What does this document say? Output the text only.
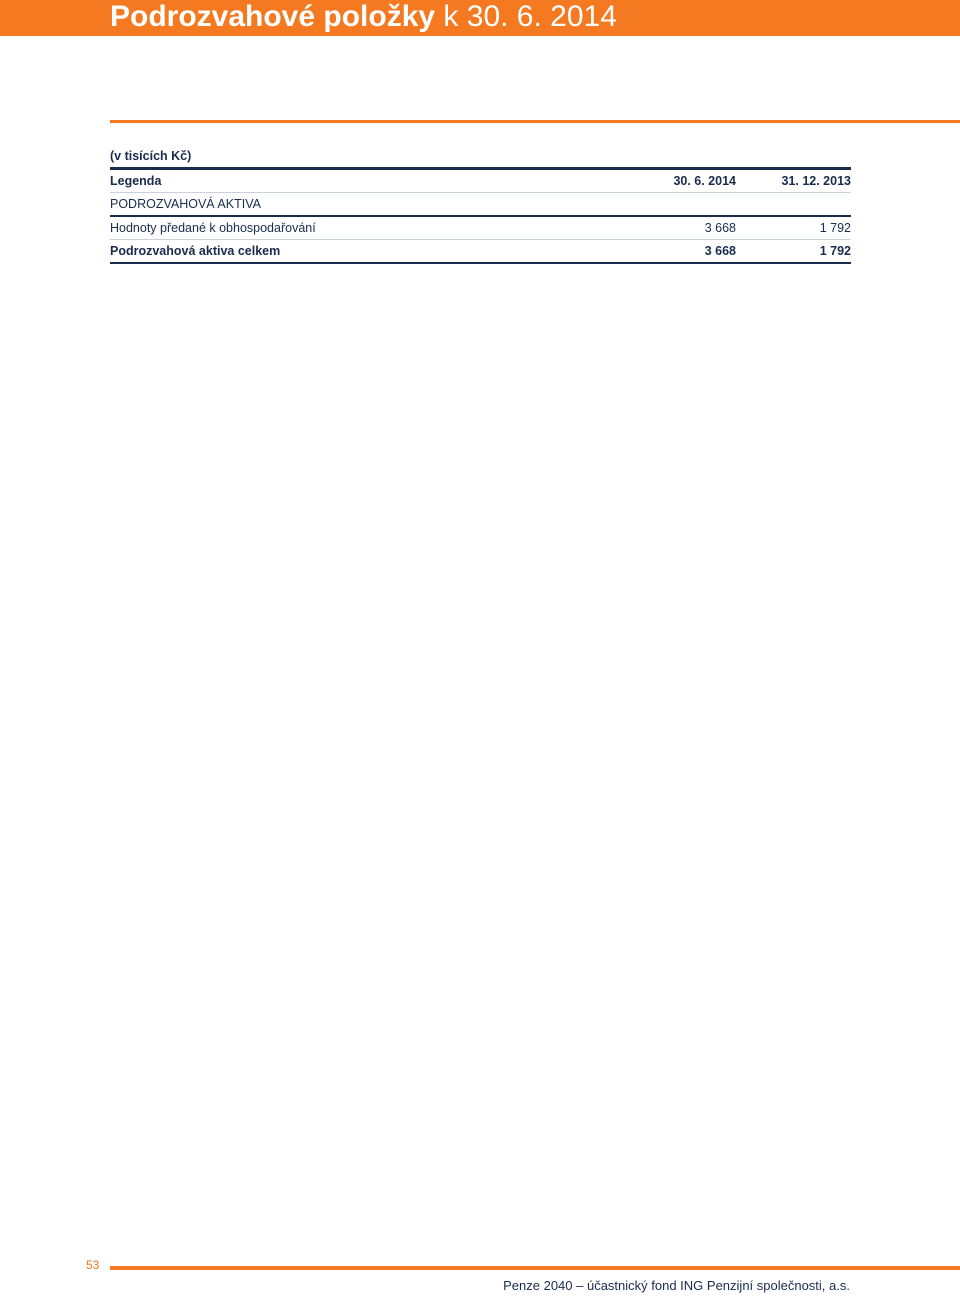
Podrozvahové položky k 30. 6. 2014
(v tisících Kč)
Legenda	30. 6. 2014	31. 12. 2013
PODROZVAHOVÁ AKTIVA
Hodnoty předané k obhospodařování	3 668	1 792
Podrozvahová aktiva celkem	3 668	1 792
53
Penze 2040 – účastnický fond ING Penzijní společnosti, a.s.
